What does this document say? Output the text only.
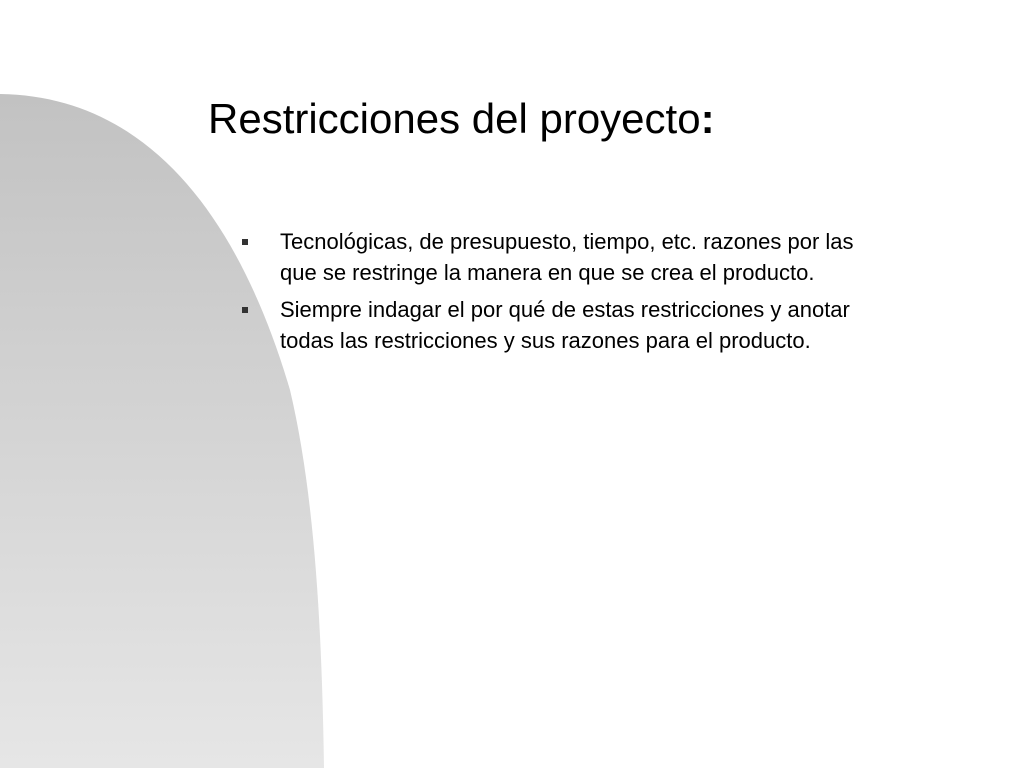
Restricciones del proyecto:
Tecnológicas, de presupuesto, tiempo, etc. razones por las que se restringe la manera en que se crea el producto.
Siempre indagar el por qué de estas restricciones y anotar todas las restricciones y sus razones para el producto.
